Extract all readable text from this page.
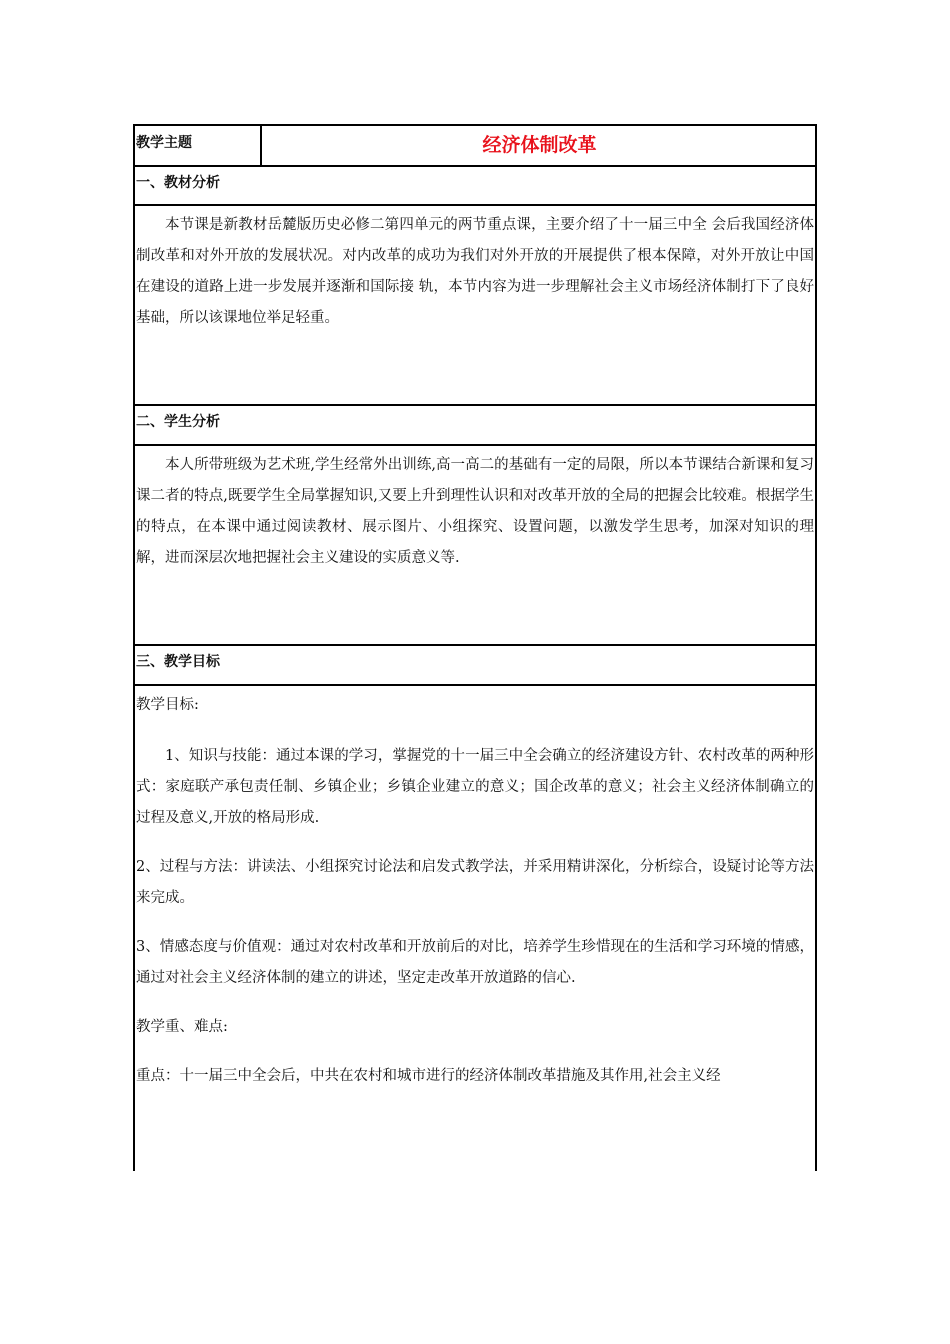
教学主题	经济体制改革
一、教材分析
本节课是新教材岳麓版历史必修二第四单元的两节重点课，主要介绍了十一届三中全 会后我国经济体制改革和对外开放的发展状况。对内改革的成功为我们对外开放的开展提供了根本保障，对外开放让中国在建设的道路上进一步发展并逐渐和国际接 轨，本节内容为进一步理解社会主义市场经济体制打下了良好基础，所以该课地位举足轻重。
二、学生分析
本人所带班级为艺术班,学生经常外出训练,高一高二的基础有一定的局限，所以本节课结合新课和复习课二者的特点,既要学生全局掌握知识,又要上升到理性认识和对改革开放的全局的把握会比较难。根据学生的特点，在本课中通过阅读教材、展示图片、小组探究、设置问题，以激发学生思考，加深对知识的理解，进而深层次地把握社会主义建设的实质意义等.
三、教学目标

教学目标:

1、知识与技能：通过本课的学习，掌握党的十一届三中全会确立的经济建设方针、农村改革的两种形式：家庭联产承包责任制、乡镇企业；乡镇企业建立的意义；国企改革的意义；社会主义经济体制确立的过程及意义,开放的格局形成.

2、过程与方法：讲读法、小组探究讨论法和启发式教学法，并采用精讲深化，分析综合，设疑讨论等方法来完成。

3、情感态度与价值观：通过对农村改革和开放前后的对比，培养学生珍惜现在的生活和学习环境的情感，通过对社会主义经济体制的建立的讲述，坚定走改革开放道路的信心.

教学重、难点:

重点：十一届三中全会后，中共在农村和城市进行的经济体制改革措施及其作用,社会主义经
